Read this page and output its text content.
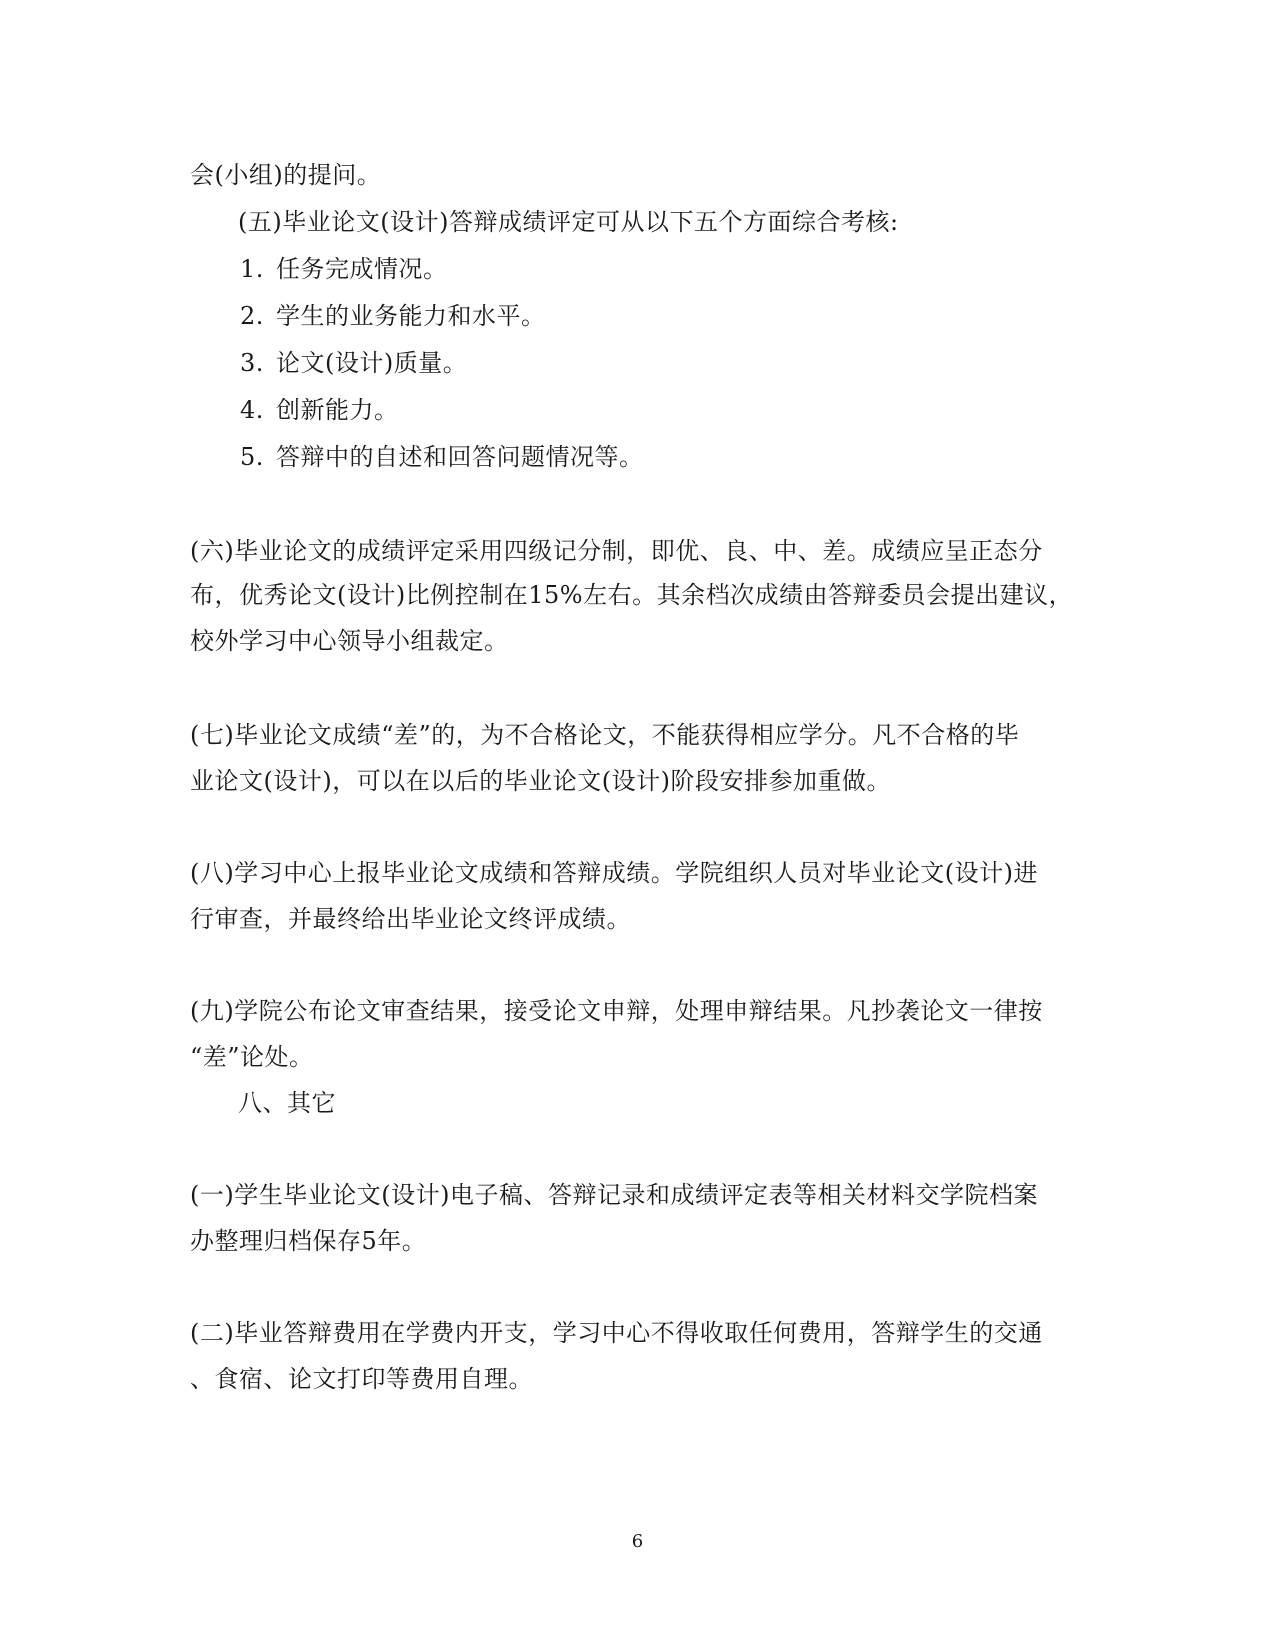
会(小组)的提问。
(五)毕业论文(设计)答辩成绩评定可从以下五个方面综合考核:
1. 任务完成情况。
2. 学生的业务能力和水平。
3. 论文(设计)质量。
4. 创新能力。
5. 答辩中的自述和回答问题情况等。
(六)毕业论文的成绩评定采用四级记分制，即优、良、中、差。成绩应呈正态分
布，优秀论文(设计)比例控制在15%左右。其余档次成绩由答辩委员会提出建议，
校外学习中心领导小组裁定。
(七)毕业论文成绩“差”的，为不合格论文，不能获得相应学分。凡不合格的毕
业论文(设计)，可以在以后的毕业论文(设计)阶段安排参加重做。
(八)学习中心上报毕业论文成绩和答辩成绩。学院组织人员对毕业论文(设计)进
行审查，并最终给出毕业论文终评成绩。
(九)学院公布论文审查结果，接受论文申辩，处理申辩结果。凡抄袭论文一律按
“差”论处。
八、其它
(一)学生毕业论文(设计)电子稿、答辩记录和成绩评定表等相关材料交学院档案
办整理归档保存5年。
(二)毕业答辩费用在学费内开支，学习中心不得收取任何费用，答辩学生的交通
、食宿、论文打印等费用自理。
6
